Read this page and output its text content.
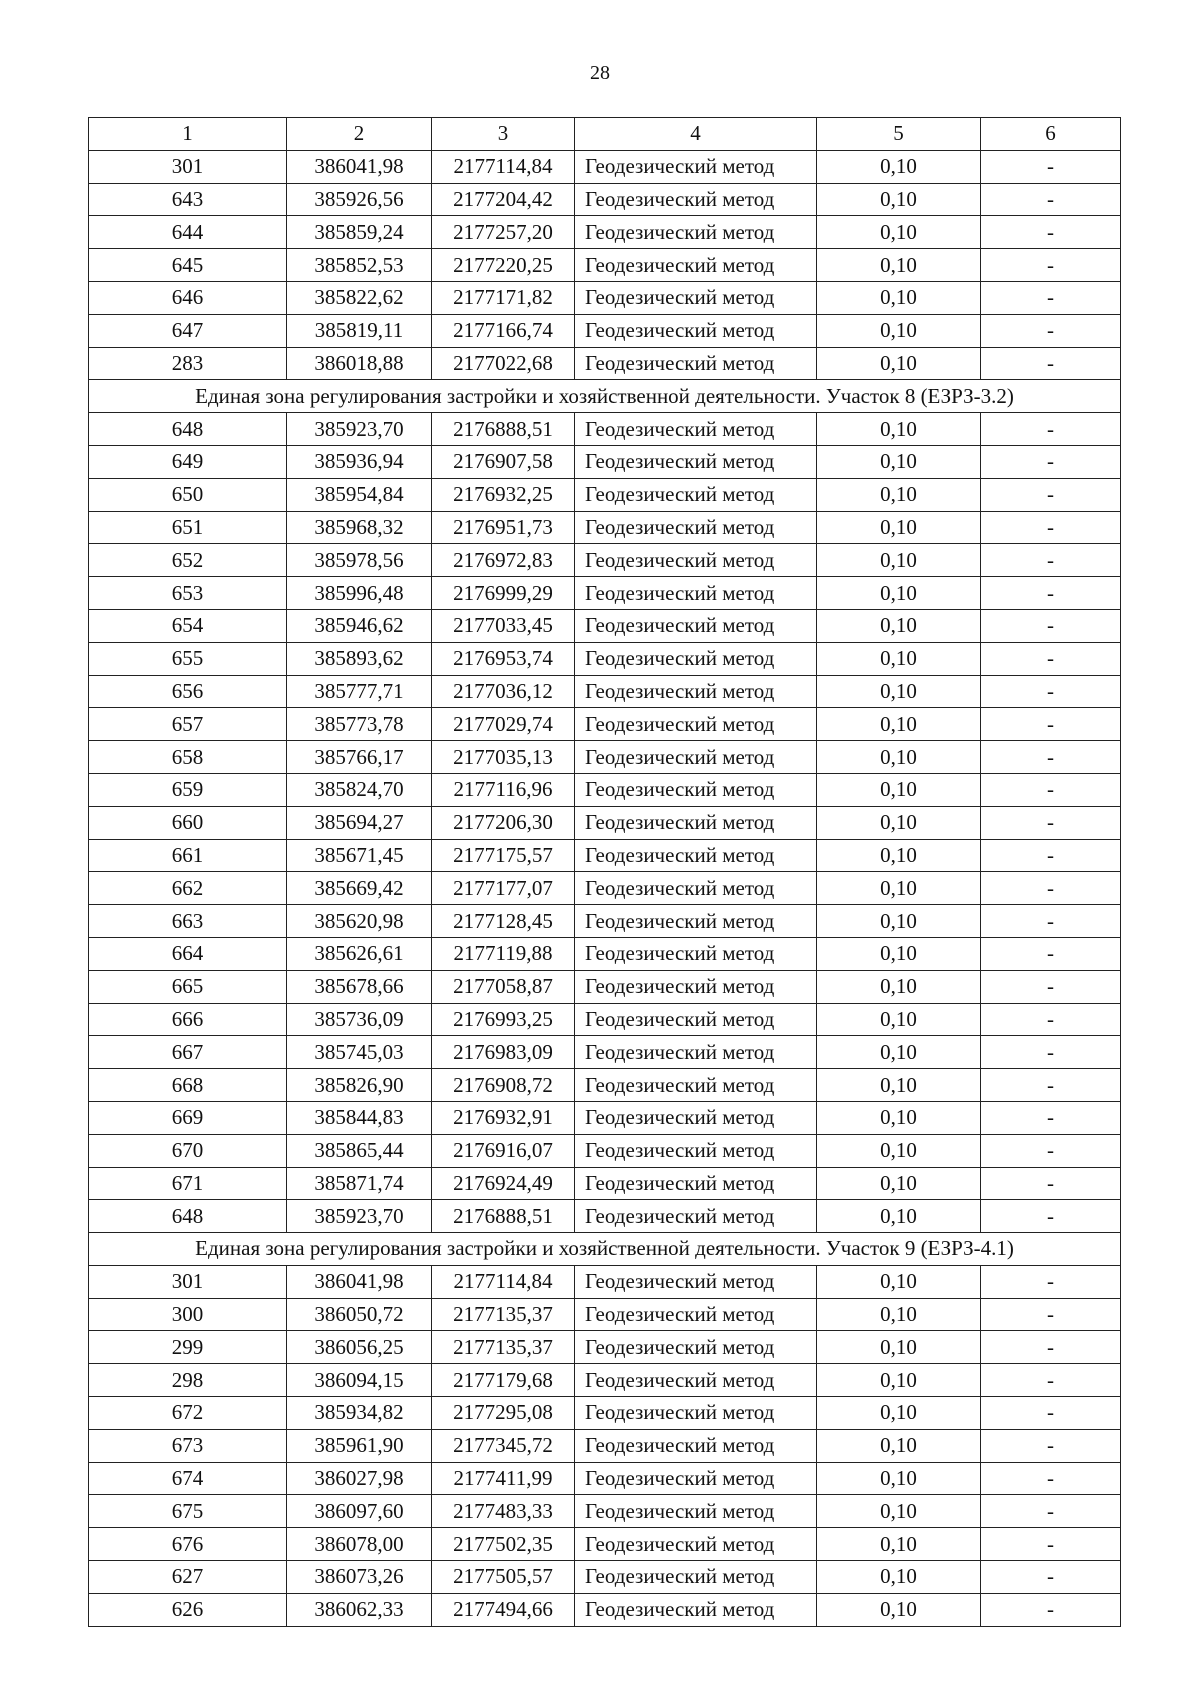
28
1	2	3	4	5	6
301	386041,98	2177114,84	Геодезический метод	0,10	-
643	385926,56	2177204,42	Геодезический метод	0,10	-
644	385859,24	2177257,20	Геодезический метод	0,10	-
645	385852,53	2177220,25	Геодезический метод	0,10	-
646	385822,62	2177171,82	Геодезический метод	0,10	-
647	385819,11	2177166,74	Геодезический метод	0,10	-
283	386018,88	2177022,68	Геодезический метод	0,10	-
Единая зона регулирования застройки и хозяйственной деятельности. Участок 8 (ЕЗРЗ-3.2)					
648	385923,70	2176888,51	Геодезический метод	0,10	-
649	385936,94	2176907,58	Геодезический метод	0,10	-
650	385954,84	2176932,25	Геодезический метод	0,10	-
651	385968,32	2176951,73	Геодезический метод	0,10	-
652	385978,56	2176972,83	Геодезический метод	0,10	-
653	385996,48	2176999,29	Геодезический метод	0,10	-
654	385946,62	2177033,45	Геодезический метод	0,10	-
655	385893,62	2176953,74	Геодезический метод	0,10	-
656	385777,71	2177036,12	Геодезический метод	0,10	-
657	385773,78	2177029,74	Геодезический метод	0,10	-
658	385766,17	2177035,13	Геодезический метод	0,10	-
659	385824,70	2177116,96	Геодезический метод	0,10	-
660	385694,27	2177206,30	Геодезический метод	0,10	-
661	385671,45	2177175,57	Геодезический метод	0,10	-
662	385669,42	2177177,07	Геодезический метод	0,10	-
663	385620,98	2177128,45	Геодезический метод	0,10	-
664	385626,61	2177119,88	Геодезический метод	0,10	-
665	385678,66	2177058,87	Геодезический метод	0,10	-
666	385736,09	2176993,25	Геодезический метод	0,10	-
667	385745,03	2176983,09	Геодезический метод	0,10	-
668	385826,90	2176908,72	Геодезический метод	0,10	-
669	385844,83	2176932,91	Геодезический метод	0,10	-
670	385865,44	2176916,07	Геодезический метод	0,10	-
671	385871,74	2176924,49	Геодезический метод	0,10	-
648	385923,70	2176888,51	Геодезический метод	0,10	-
Единая зона регулирования застройки и хозяйственной деятельности. Участок 9 (ЕЗРЗ-4.1)					
301	386041,98	2177114,84	Геодезический метод	0,10	-
300	386050,72	2177135,37	Геодезический метод	0,10	-
299	386056,25	2177135,37	Геодезический метод	0,10	-
298	386094,15	2177179,68	Геодезический метод	0,10	-
672	385934,82	2177295,08	Геодезический метод	0,10	-
673	385961,90	2177345,72	Геодезический метод	0,10	-
674	386027,98	2177411,99	Геодезический метод	0,10	-
675	386097,60	2177483,33	Геодезический метод	0,10	-
676	386078,00	2177502,35	Геодезический метод	0,10	-
627	386073,26	2177505,57	Геодезический метод	0,10	-
626	386062,33	2177494,66	Геодезический метод	0,10	-
